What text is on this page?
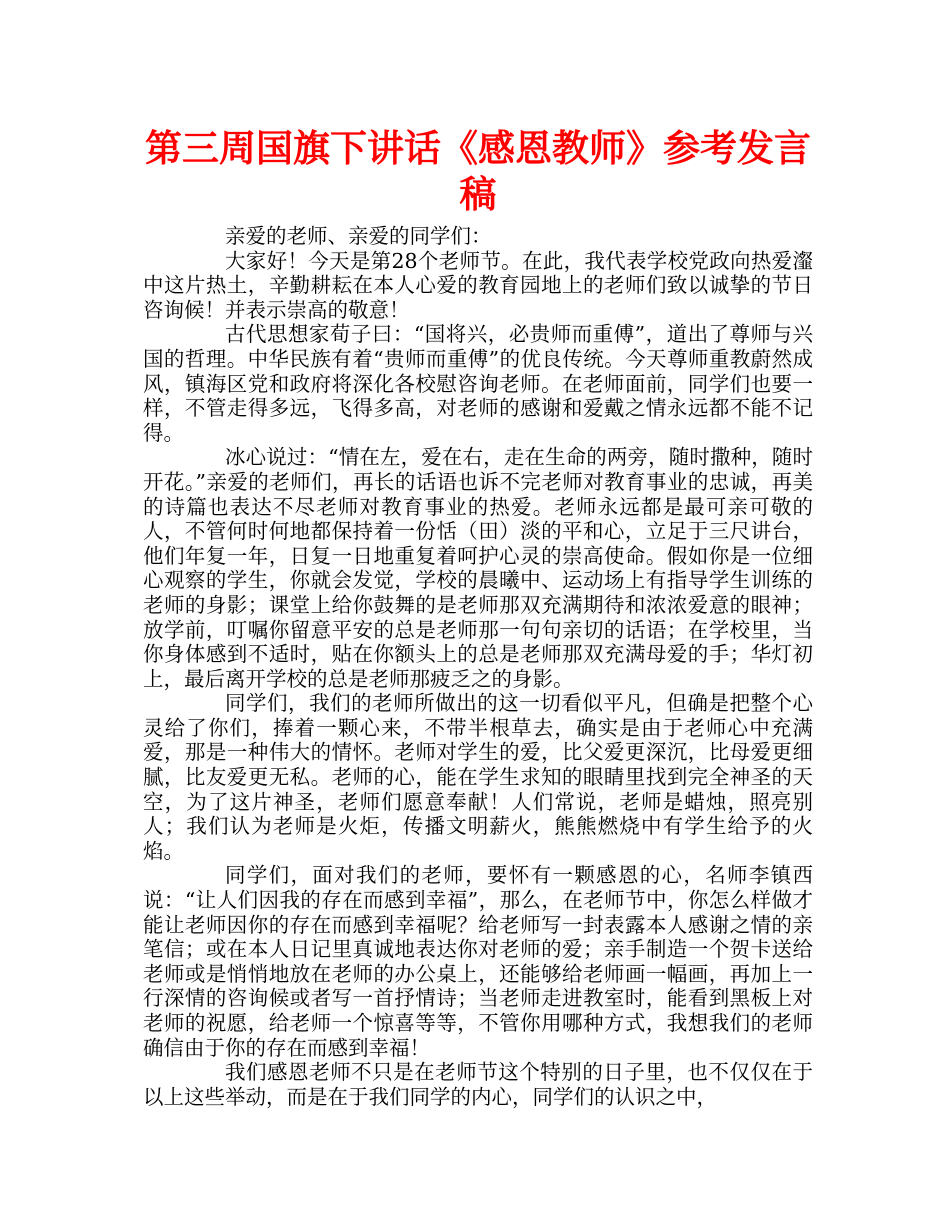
第三周国旗下讲话《感恩教师》参考发言稿

亲爱的老师、亲爱的同学们：

大家好！今天是第28个老师节。在此，我代表学校党政向热爱瀣中这片热土，辛勤耕耘在本人心爱的教育园地上的老师们致以诚挚的节日咨询候！并表示崇高的敬意！

古代思想家荀子曰：“国将兴，必贵师而重傅”，道出了尊师与兴国的哲理。中华民族有着“贵师而重傅”的优良传统。今天尊师重教蔚然成风，镇海区党和政府将深化各校慰咨询老师。在老师面前，同学们也要一样，不管走得多远，飞得多高，对老师的感谢和爱戴之情永远都不能不记得。

冰心说过：“情在左，爱在右，走在生命的两旁，随时撒种，随时开花。”亲爱的老师们，再长的话语也诉不完老师对教育事业的忠诚，再美的诗篇也表达不尽老师对教育事业的热爱。老师永远都是最可亲可敬的人，不管何时何地都保持着一份恬（田）淡的平和心，立足于三尺讲台，他们年复一年，日复一日地重复着呵护心灵的崇高使命。假如你是一位细心观察的学生，你就会发觉，学校的晨曦中、运动场上有指导学生训练的老师的身影；课堂上给你鼓舞的是老师那双充满期待和浓浓爱意的眼神；放学前，叮嘱你留意平安的总是老师那一句句亲切的话语；在学校里，当你身体感到不适时，贴在你额头上的总是老师那双充满母爱的手；华灯初上，最后离开学校的总是老师那疲乏之的身影。

同学们，我们的老师所做出的这一切看似平凡，但确是把整个心灵给了你们，捧着一颗心来，不带半根草去，确实是由于老师心中充满爱，那是一种伟大的情怀。老师对学生的爱，比父爱更深沉，比母爱更细腻，比友爱更无私。老师的心，能在学生求知的眼睛里找到完全神圣的天空，为了这片神圣，老师们愿意奉献！人们常说，老师是蜡烛，照亮别人；我们认为老师是火炬，传播文明薪火，熊熊燃烧中有学生给予的火焰。

同学们，面对我们的老师，要怀有一颗感恩的心，名师李镇西说：“让人们因我的存在而感到幸福”，那么，在老师节中，你怎么样做才能让老师因你的存在而感到幸福呢？给老师写一封表露本人感谢之情的亲笔信；或在本人日记里真诚地表达你对老师的爱；亲手制造一个贺卡送给老师或是悄悄地放在老师的办公桌上，还能够给老师画一幅画，再加上一行深情的咨询候或者写一首抒情诗；当老师走进教室时，能看到黑板上对老师的祝愿，给老师一个惊喜等等，不管你用哪种方式，我想我们的老师确信由于你的存在而感到幸福！

我们感恩老师不只是在老师节这个特别的日子里，也不仅仅在于以上这些举动，而是在于我们同学的内心，同学们的认识之中，
